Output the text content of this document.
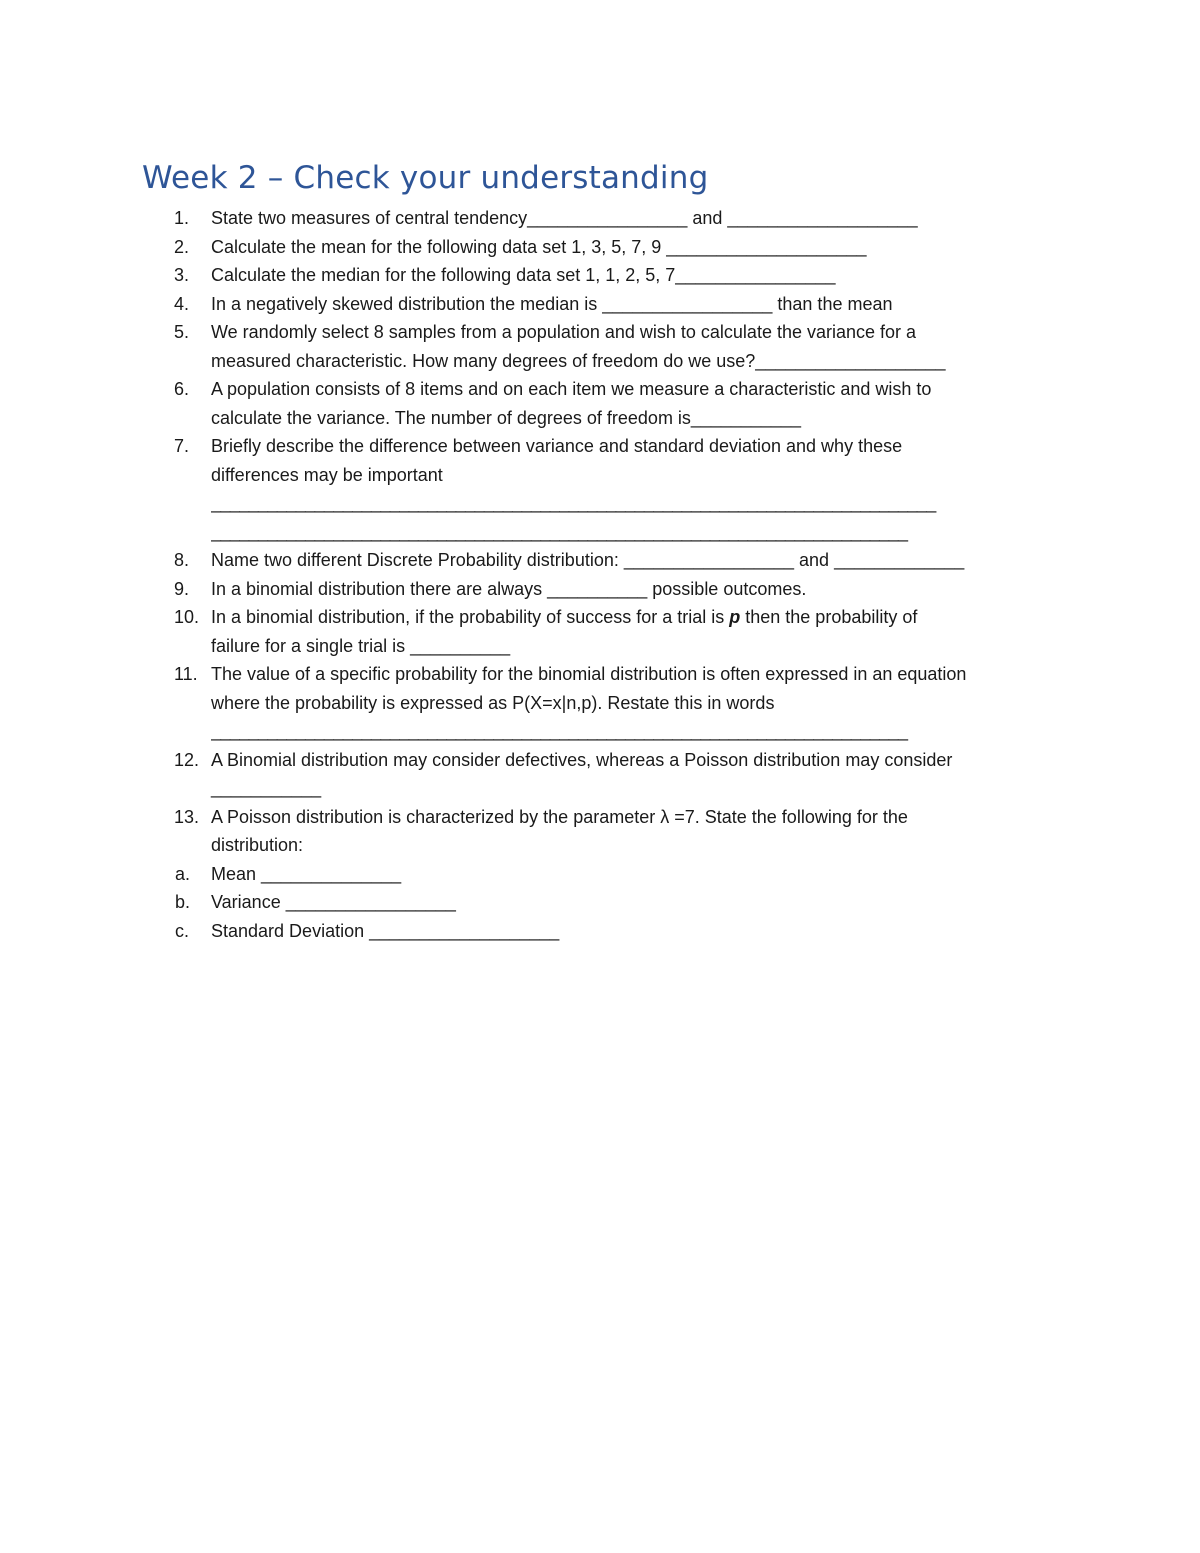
Week 2 – Check your understanding
1. State two measures of central tendency________________ and ___________________
2. Calculate the mean for the following data set 1, 3, 5, 7, 9 ____________________
3. Calculate the median for the following data set 1, 1, 2, 5, 7________________
4. In a negatively skewed distribution the median is _________________ than the mean
5. We randomly select 8 samples from a population and wish to calculate the variance for a
measured characteristic. How many degrees of freedom do we use?___________________
6. A population consists of 8 items and on each item we measure a characteristic and wish to
calculate the variance. The number of degrees of freedom is___________
7. Briefly describe the difference between variance and standard deviation and why these
differences may be important
_____________________________________________________________________________
__________________________________________________________________________
8. Name two different Discrete Probability distribution: _________________ and _____________
9. In a binomial distribution there are always __________ possible outcomes.
10. In a binomial distribution, if the probability of success for a trial is p then the probability of
failure for a single trial is __________
11. The value of a specific probability for the binomial distribution is often expressed in an equation
where the probability is expressed as P(X=x|n,p). Restate this in words
__________________________________________________________________________
12. A Binomial distribution may consider defectives, whereas a Poisson distribution may consider
___________
13. A Poisson distribution is characterized by the parameter λ =7. State the following for the
distribution:
a. Mean ______________
b. Variance _________________
c. Standard Deviation ___________________
